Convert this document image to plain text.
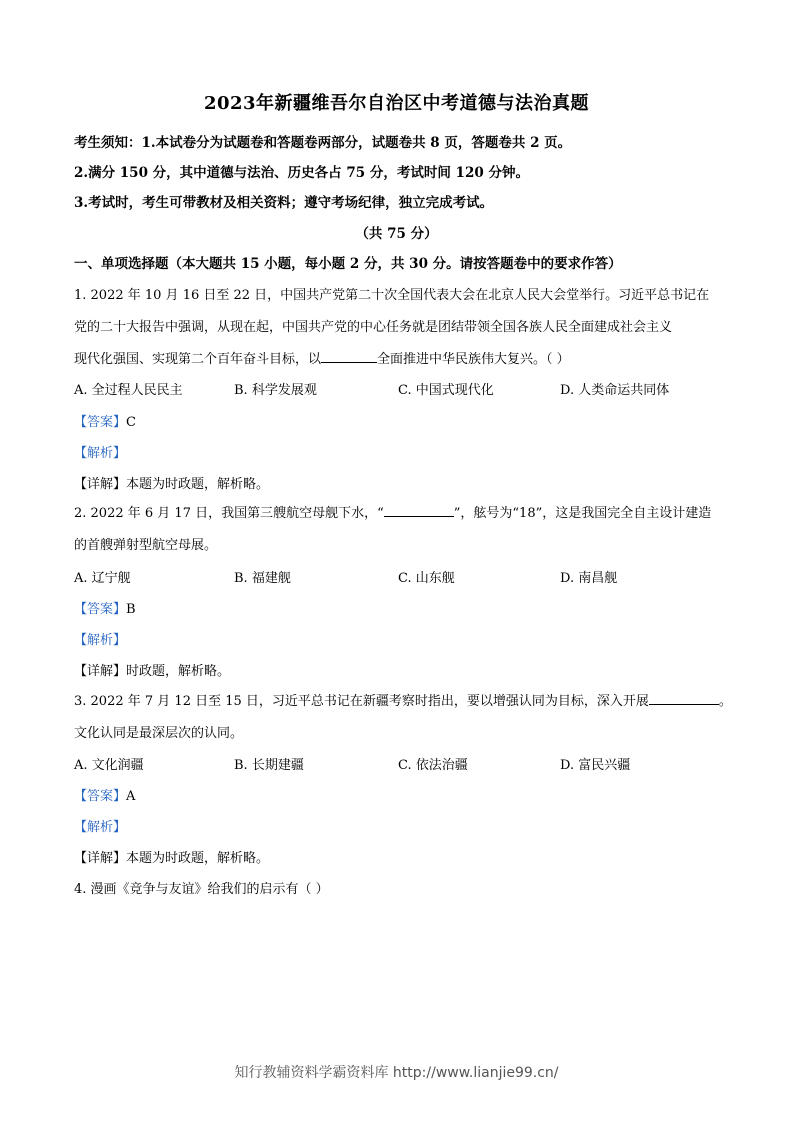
2023年新疆维吾尔自治区中考道德与法治真题
考生须知：1.本试卷分为试题卷和答题卷两部分，试题卷共 8 页，答题卷共 2 页。
2.满分 150 分，其中道德与法治、历史各占 75 分，考试时间 120 分钟。
3.考试时，考生可带教材及相关资料；遵守考场纪律，独立完成考试。
（共 75 分）
一、单项选择题（本大题共 15 小题，每小题 2 分，共 30 分。请按答题卷中的要求作答）
1. 2022 年 10 月 16 日至 22 日，中国共产党第二十次全国代表大会在北京人民大会堂举行。习近平总书记在
党的二十大报告中强调，从现在起，中国共产党的中心任务就是团结带领全国各族人民全面建成社会主义
现代化强国、实现第二个百年奋斗目标，以	全面推进中华民族伟大复兴。（ ）
A. 全过程人民民主	B. 科学发展观	C. 中国式现代化	D. 人类命运共同体
【答案】C
【解析】
【详解】本题为时政题，解析略。
2. 2022 年 6 月 17 日，我国第三艘航空母舰下水，“	”，舷号为“18”，这是我国完全自主设计建造
的首艘弹射型航空母展。
A. 辽宁舰	B. 福建舰	C. 山东舰	D. 南昌舰
【答案】B
【解析】
【详解】时政题，解析略。
3. 2022 年 7 月 12 日至 15 日，习近平总书记在新疆考察时指出，要以增强认同为目标，深入开展	。
文化认同是最深层次的认同。
A. 文化润疆	B. 长期建疆	C. 依法治疆	D. 富民兴疆
【答案】A
【解析】
【详解】本题为时政题，解析略。
4. 漫画《竞争与友谊》给我们的启示有（ ）
知行教辅资料学霸资料库 http://www.lianjie99.cn/
